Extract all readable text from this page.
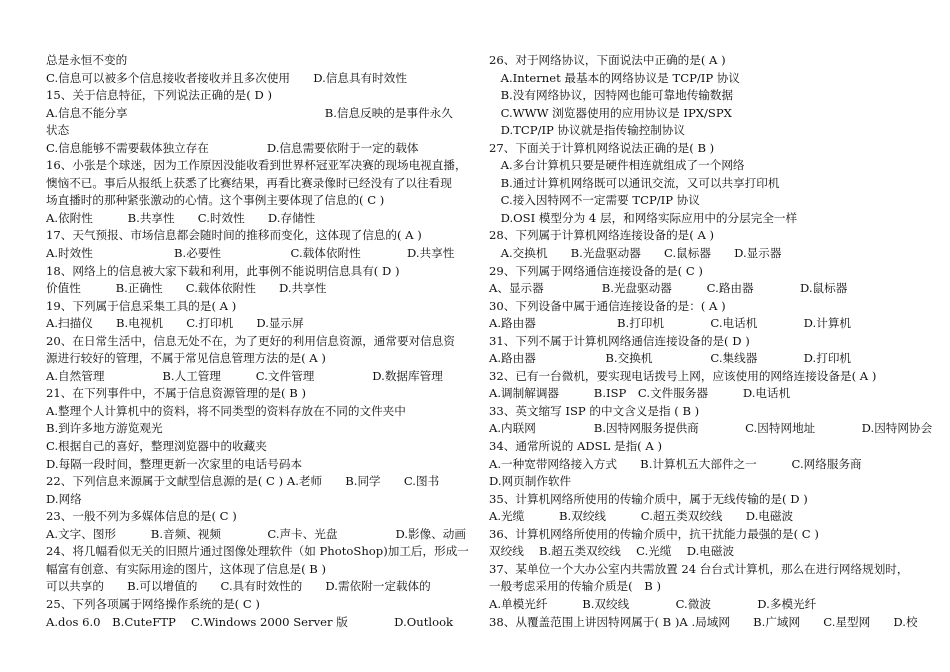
总是永恒不变的
C.信息可以被多个信息接收者接收并且多次使用　　D.信息具有时效性
15、关于信息特征，下列说法正确的是( D )
A.信息不能分享　　　　　　　　　　　　　　　　　B.信息反映的是事件永久
状态
C.信息能够不需要载体独立存在　　　　　D.信息需要依附于一定的载体
16、小张是个球迷，因为工作原因没能收看到世界杯冠亚军决赛的现场电视直播，
懊恼不已。事后从报纸上获悉了比赛结果，再看比赛录像时已经没有了以往看现
场直播时的那种紧张激动的心情。这个事例主要体现了信息的( C )
A.依附性　　　B.共享性　　C.时效性　　D.存储性
17、天气预报、市场信息都会随时间的推移而变化，这体现了信息的( A )
A.时效性　　　　　　　B.必要性　　　　　　C.载体依附性　　　　D.共享性
18、网络上的信息被大家下载和利用，此事例不能说明信息具有( D )
价值性　　　B.正确性　　C.载体依附性　　D.共享性
19、下列属于信息采集工具的是( A )
A.扫描仪　　B.电视机　　C.打印机　　D.显示屏
20、在日常生活中，信息无处不在，为了更好的利用信息资源，通常要对信息资
源进行较好的管理，不属于常见信息管理方法的是( A )
A.自然管理　　　　　B.人工管理　　　C.文件管理　　　　　D.数据库管理
21、在下列事件中，不属于信息资源管理的是( B )
A.整理个人计算机中的资料，将不同类型的资料存放在不同的文件夹中
B.到许多地方游览观光
C.根据自己的喜好，整理浏览器中的收藏夹
D.每隔一段时间，整理更新一次家里的电话号码本
22、下列信息来源属于文献型信息源的是( C ) A.老师　　B.同学　　C.图书
D.网络
23、一般不列为多媒体信息的是( C )
A.文字、图形　　　B.音频、视频　　　　C.声卡、光盘　　　　　D.影像、动画
24、将几幅看似无关的旧照片通过图像处理软件（如 PhotoShop)加工后，形成一
幅富有创意、有实际用途的图片，这体现了信息是( B )
可以共享的　　B.可以增值的　　C.具有时效性的　　D.需依附一定载体的
25、下列各项属于网络操作系统的是( C )
A.dos 6.0　B.CuteFTP　 C.Windows 2000 Server 版　　　　D.Outlook
26、对于网络协议，下面说法中正确的是( A )
　A.Internet 最基本的网络协议是 TCP/IP 协议
　B.没有网络协议，因特网也能可靠地传输数据
　C.WWW 浏览器使用的应用协议是 IPX/SPX
　D.TCP/IP 协议就是指传输控制协议
27、下面关于计算机网络说法正确的是( B )
　A.多台计算机只要是硬件相连就组成了一个网络
　B.通过计算机网络既可以通讯交流，又可以共享打印机
　C.接入因特网不一定需要 TCP/IP 协议
　D.OSI 模型分为 4 层，和网络实际应用中的分层完全一样
28、下列属于计算机网络连接设备的是( A )
　A.交换机　　B.光盘驱动器　　C.鼠标器　　D.显示器
29、下列属于网络通信连接设备的是( C )
A、显示器　　　　　B.光盘驱动器　　　C.路由器　　　　D.鼠标器
30、下列设备中属于通信连接设备的是：( A )
A.路由器　　　　　　　B.打印机　　　　C.电话机　　　　D.计算机
31、下列不属于计算机网络通信连接设备的是( D )
A.路由器　　　　　　B.交换机　　　　　C.集线器　　　　D.打印机
32、已有一台微机，要实现电话拨号上网，应该使用的网络连接设备是( A )
A.调制解调器　　　B.ISP　C.文件服务器　　　D.电话机
33、英文缩写 ISP 的中文含义是指 ( B )
A.内联网　　　　　B.因特网服务提供商　　　　C.因特网地址　　　　D.因特网协会
34、通常所说的 ADSL 是指( A )
A.一种宽带网络接入方式　　B.计算机五大部件之一　　　C.网络服务商
D.网页制作软件
35、计算机网络所使用的传输介质中，属于无线传输的是( D )
A.光缆　　　B.双绞线　　　C.超五类双绞线　　D.电磁波
36、计算机网络所使用的传输介质中，抗干扰能力最强的是( C )
双绞线　 B.超五类双绞线　 C.光缆　 D.电磁波
37、某单位一个大办公室内共需放置 24 台台式计算机，那么在进行网络规划时，
一般考虑采用的传输介质是(　B )
A.单模光纤　　　B.双绞线　　　　C.微波　　　　D.多模光纤
38、从覆盖范围上讲因特网属于( B )A .局域网　　B.广域网　　C.星型网　　D.校
